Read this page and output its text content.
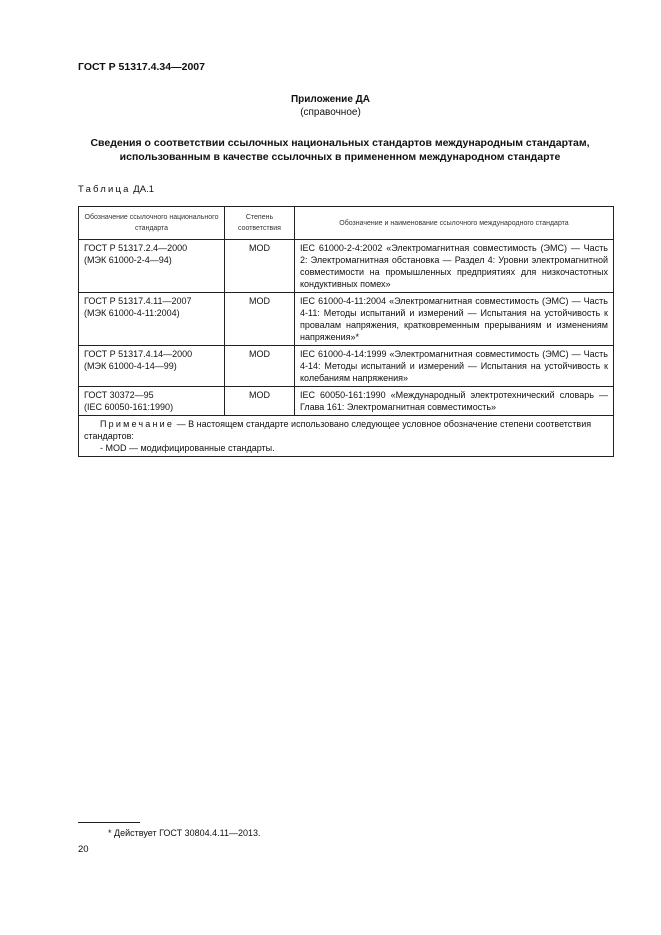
ГОСТ Р 51317.4.34—2007
Приложение ДА
(справочное)
Сведения о соответствии ссылочных национальных стандартов международным стандартам,
использованным в качестве ссылочных в примененном международном стандарте
Таблица ДА.1
Обозначение ссылочного национального стандарта	Степень соответствия	Обозначение и наименование ссылочного международного стандарта

ГОСТ Р 51317.2.4—2000
(МЭК 61000-2-4—94)	MOD	IEC 61000-2-4:2002 «Электромагнитная совместимость (ЭМС) — Часть 2: Электромагнитная обстановка — Раздел 4: Уровни электромагнитной совместимости на промышленных предприятиях для низкочастотных кондуктивных помех»

ГОСТ Р 51317.4.11—2007
(МЭК 61000-4-11:2004)	MOD	IEC 61000-4-11:2004 «Электромагнитная совместимость (ЭМС) — Часть 4-11: Методы испытаний и измерений — Испытания на устойчивость к провалам напряжения, кратковременным прерываниям и изменениям напряжения»*

ГОСТ Р 51317.4.14—2000
(МЭК 61000-4-14—99)	MOD	IEC 61000-4-14:1999 «Электромагнитная совместимость (ЭМС) — Часть 4-14: Методы испытаний и измерений — Испытания на устойчивость к колебаниям напряжения»

ГОСТ 30372—95
(IEC 60050-161:1990)	MOD	IEC 60050-161:1990 «Международный электротехнический словарь — Глава 161: Электромагнитная совместимость»

Примечание — В настоящем стандарте использовано следующее условное обозначение степени соответствия стандартов:
- MOD — модифицированные стандарты.		
* Действует ГОСТ 30804.4.11—2013.
20
